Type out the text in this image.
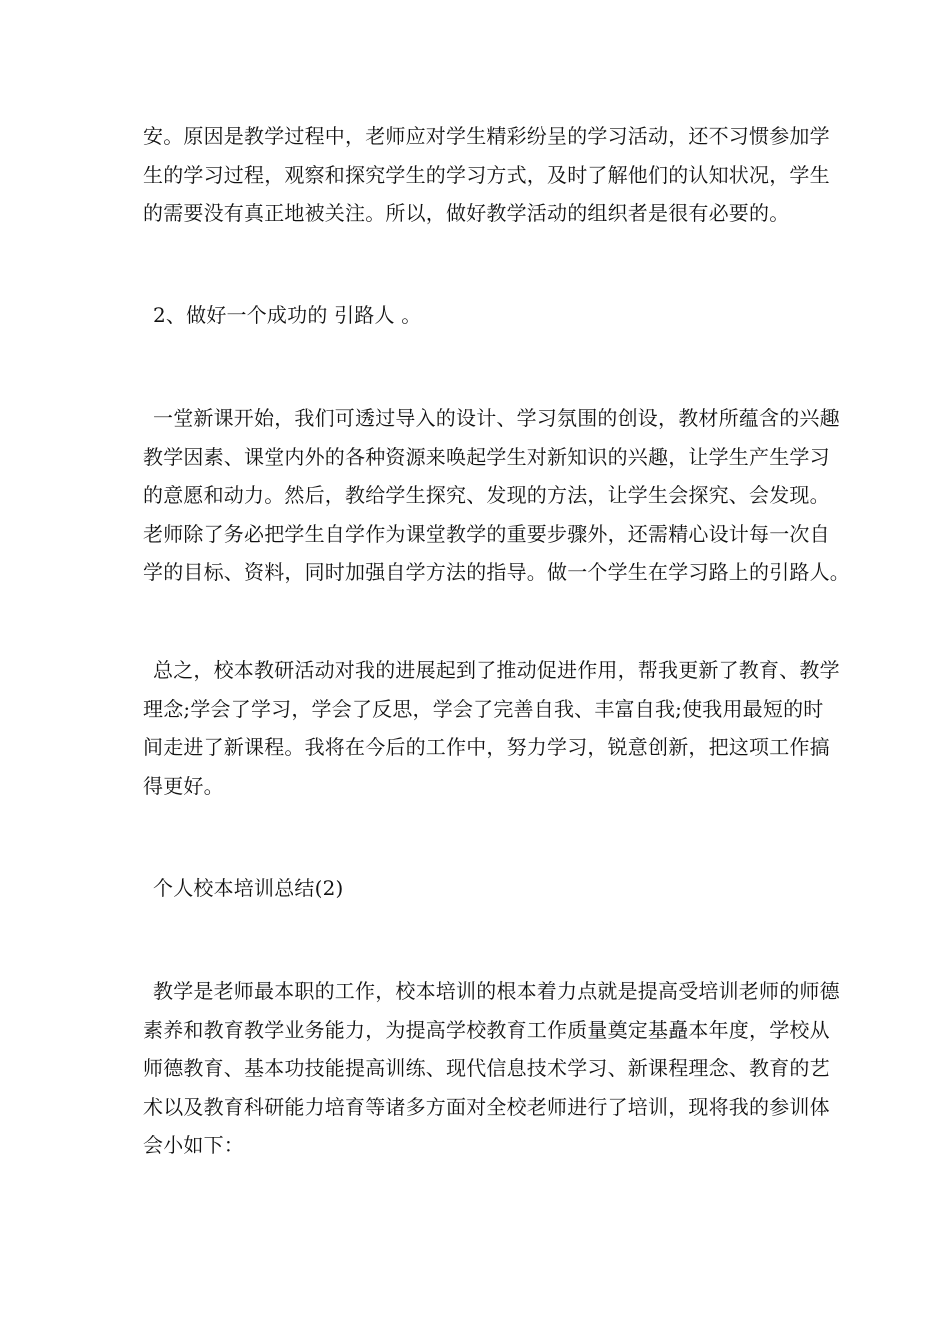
安。原因是教学过程中，老师应对学生精彩纷呈的学习活动，还不习惯参加学
生的学习过程，观察和探究学生的学习方式，及时了解他们的认知状况，学生
的需要没有真正地被关注。所以，做好教学活动的组织者是很有必要的。
2、做好一个成功的 引路人 。
一堂新课开始，我们可透过导入的设计、学习氛围的创设，教材所蕴含的兴趣
教学因素、课堂内外的各种资源来唤起学生对新知识的兴趣，让学生产生学习
的意愿和动力。然后，教给学生探究、发现的方法，让学生会探究、会发现。
老师除了务必把学生自学作为课堂教学的重要步骤外，还需精心设计每一次自
学的目标、资料，同时加强自学方法的指导。做一个学生在学习路上的引路人。
总之，校本教研活动对我的进展起到了推动促进作用，帮我更新了教育、教学
理念;学会了学习，学会了反思，学会了完善自我、丰富自我;使我用最短的时
间走进了新课程。我将在今后的工作中，努力学习，锐意创新，把这项工作搞
得更好。
个人校本培训总结(2)
教学是老师最本职的工作，校本培训的根本着力点就是提高受培训老师的师德
素养和教育教学业务能力，为提高学校教育工作质量奠定基矗本年度，学校从
师德教育、基本功技能提高训练、现代信息技术学习、新课程理念、教育的艺
术以及教育科研能力培育等诸多方面对全校老师进行了培训，现将我的参训体
会小如下：
